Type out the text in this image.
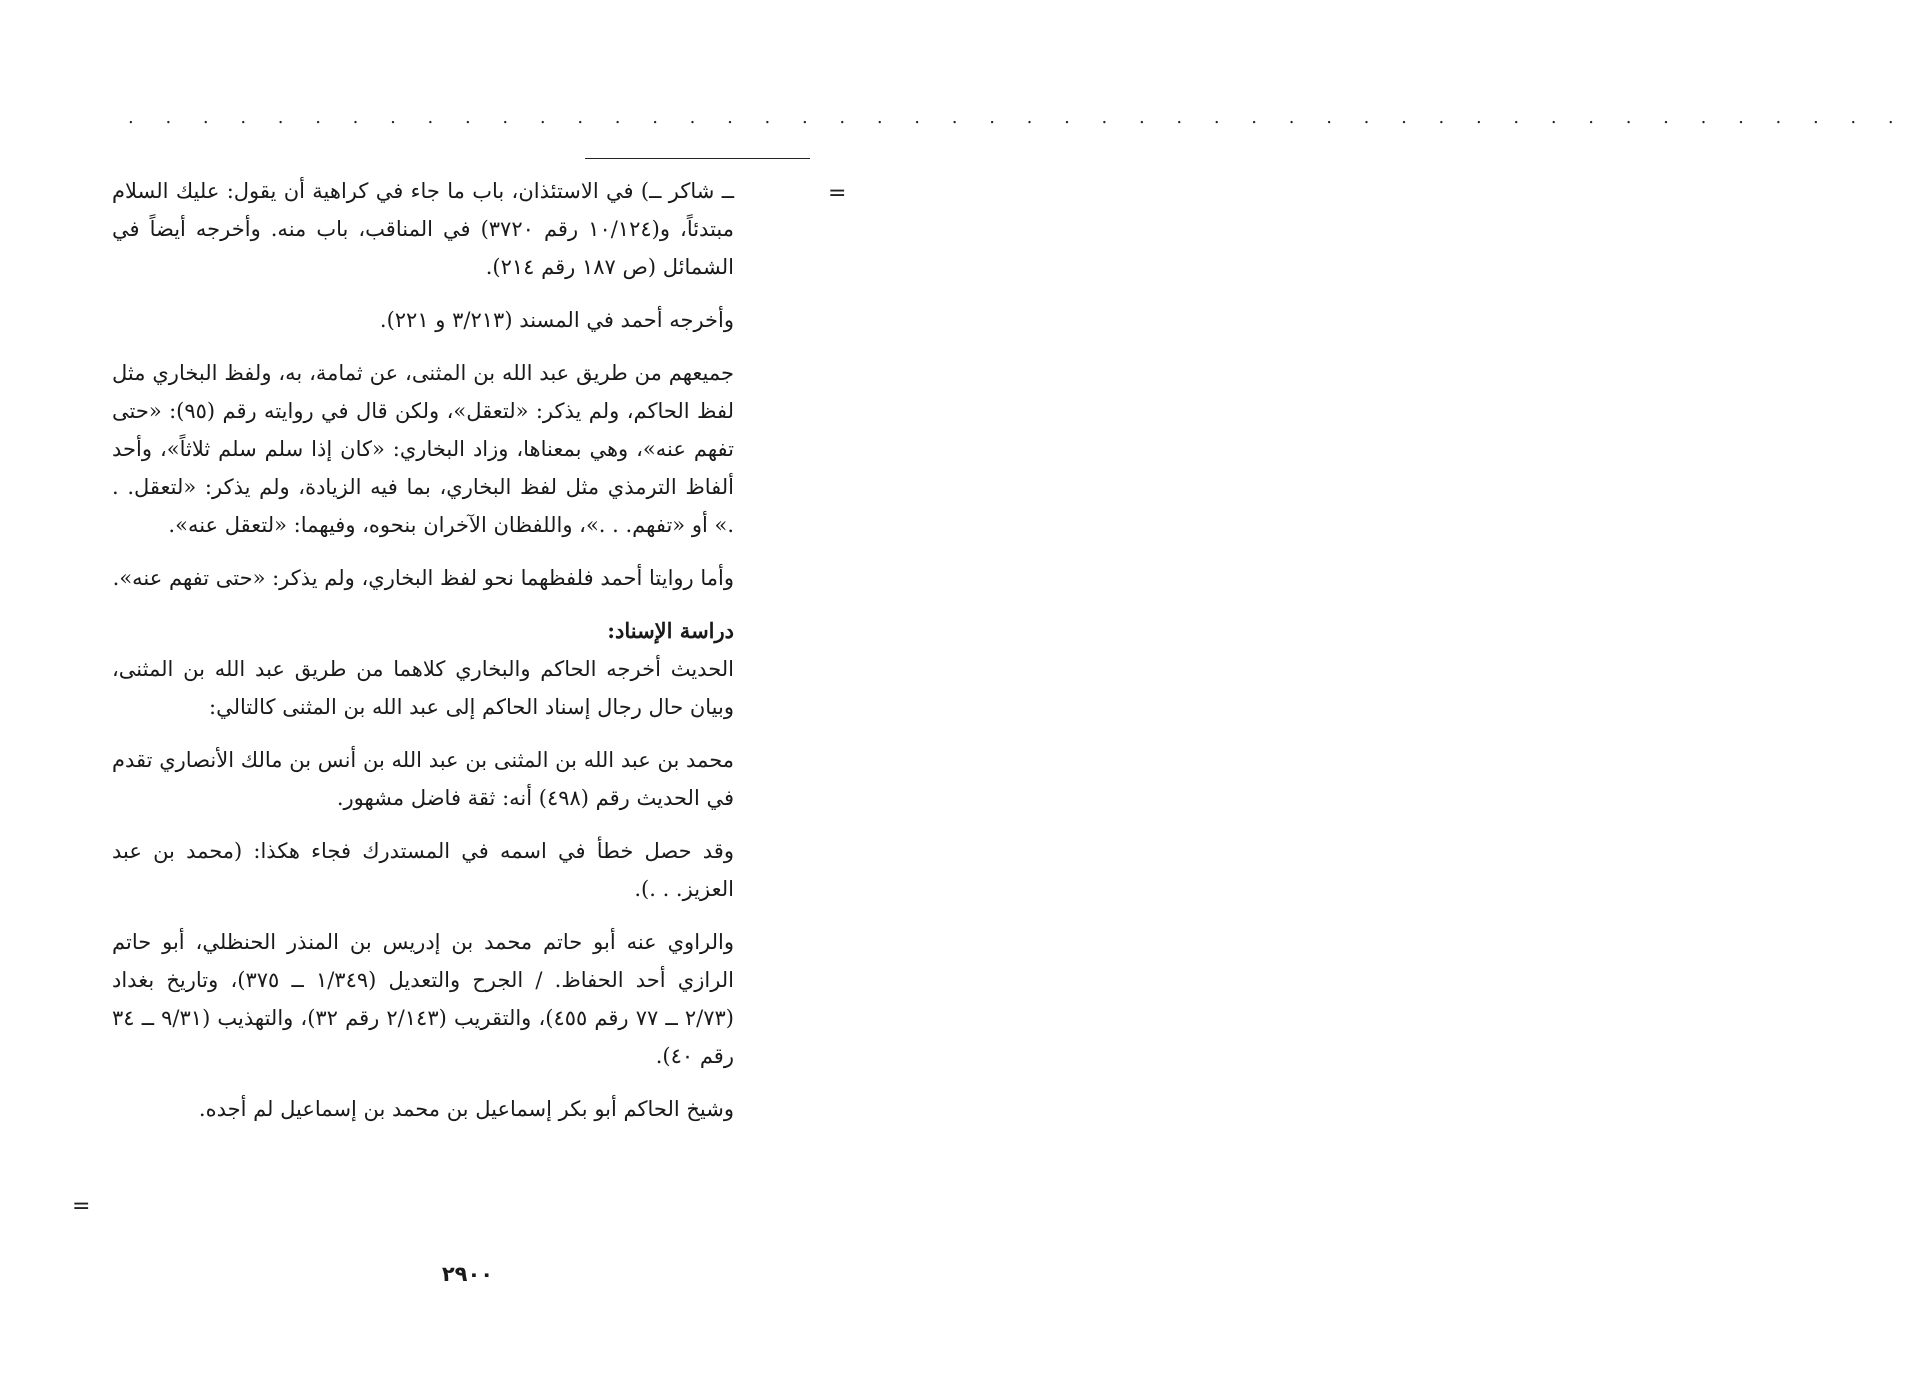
. . . . . . . . . . . . . . . . . . . . . . . . . . . . . . . . . . . . . . . . . . . . . . . .
=
=

ــ شاكر ــ) في الاستئذان، باب ما جاء في كراهية أن يقول: عليك السلام مبتدئاً، و(١٠/١٢٤ رقم ٣٧٢٠) في المناقب، باب منه. وأخرجه أيضاً في الشمائل (ص ١٨٧ رقم ٢١٤).

وأخرجه أحمد في المسند (٣/٢١٣ و ٢٢١).

جميعهم من طريق عبد الله بن المثنى، عن ثمامة، به، ولفظ البخاري مثل لفظ الحاكم، ولم يذكر: «لتعقل»، ولكن قال في روايته رقم (٩٥): «حتى تفهم عنه»، وهي بمعناها، وزاد البخاري: «كان إذا سلم سلم ثلاثاً»، وأحد ألفاظ الترمذي مثل لفظ البخاري، بما فيه الزيادة، ولم يذكر: «لتعقل. . .» أو «تفهم. . .»، واللفظان الآخران بنحوه، وفيهما: «لتعقل عنه».

وأما روايتا أحمد فلفظهما نحو لفظ البخاري، ولم يذكر: «حتى تفهم عنه».

دراسة الإسناد:

الحديث أخرجه الحاكم والبخاري كلاهما من طريق عبد الله بن المثنى، وبيان حال رجال إسناد الحاكم إلى عبد الله بن المثنى كالتالي:

محمد بن عبد الله بن المثنى بن عبد الله بن أنس بن مالك الأنصاري تقدم في الحديث رقم (٤٩٨) أنه: ثقة فاضل مشهور.

وقد حصل خطأ في اسمه في المستدرك فجاء هكذا: (محمد بن عبد العزيز. . .).

والراوي عنه أبو حاتم محمد بن إدريس بن المنذر الحنظلي، أبو حاتم الرازي أحد الحفاظ. / الجرح والتعديل (١/٣٤٩ ــ ٣٧٥)، وتاريخ بغداد (٢/٧٣ ــ ٧٧ رقم ٤٥٥)، والتقريب (٢/١٤٣ رقم ٣٢)، والتهذيب (٩/٣١ ــ ٣٤ رقم ٤٠).

وشيخ الحاكم أبو بكر إسماعيل بن محمد بن إسماعيل لم أجده.

٢٩٠٠
